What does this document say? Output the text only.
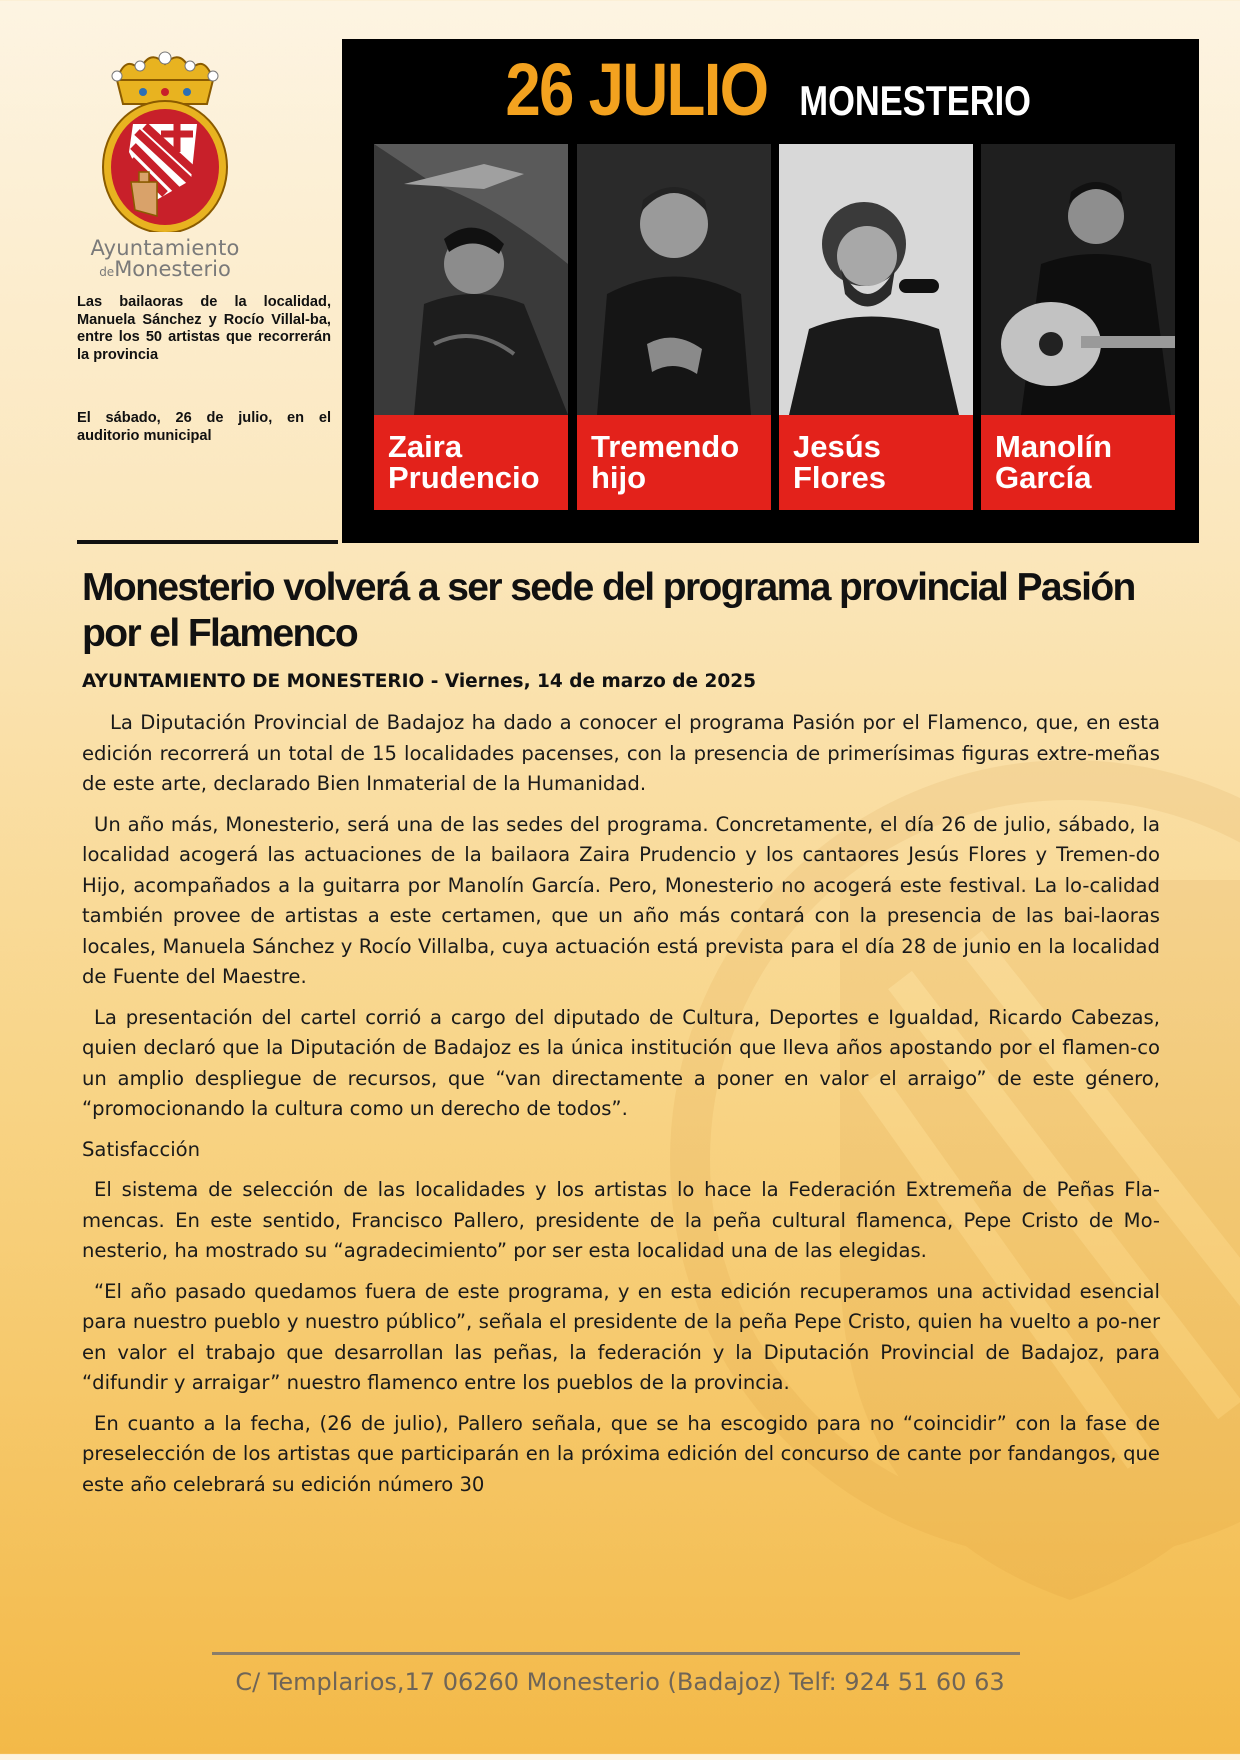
Ayuntamiento
deMonesterio
Las bailaoras de la localidad, Manuela Sánchez y Rocío Villal-ba, entre los 50 artistas que recorrerán la provincia
El sábado, 26 de julio, en el auditorio municipal
26 JULIO MONESTERIO
Zaira
Prudencio
Tremendo
hijo
Jesús
Flores
Manolín
García
Monesterio volverá a ser sede del programa provincial Pasión por el Flamenco
AYUNTAMIENTO DE MONESTERIO - Viernes, 14 de marzo de 2025

La Diputación Provincial de Badajoz ha dado a conocer el programa Pasión por el Flamenco, que, en esta edición recorrerá un total de 15 localidades pacenses, con la presencia de primerísimas figuras extre-meñas de este arte, declarado Bien Inmaterial de la Humanidad.

Un año más, Monesterio, será una de las sedes del programa. Concretamente, el día 26 de julio, sábado, la localidad acogerá las actuaciones de la bailaora Zaira Prudencio y los cantaores Jesús Flores y Tremen-do Hijo, acompañados a la guitarra por Manolín García. Pero, Monesterio no acogerá este festival. La lo-calidad también provee de artistas a este certamen, que un año más contará con la presencia de las bai-laoras locales, Manuela Sánchez y Rocío Villalba, cuya actuación está prevista para el día 28 de junio en la localidad de Fuente del Maestre.

La presentación del cartel corrió a cargo del diputado de Cultura, Deportes e Igualdad, Ricardo Cabezas, quien declaró que la Diputación de Badajoz es la única institución que lleva años apostando por el flamen-co un amplio despliegue de recursos, que “van directamente a poner en valor el arraigo” de este género, “promocionando la cultura como un derecho de todos”.

Satisfacción

El sistema de selección de las localidades y los artistas lo hace la Federación Extremeña de Peñas Fla-mencas. En este sentido, Francisco Pallero, presidente de la peña cultural flamenca, Pepe Cristo de Mo-nesterio, ha mostrado su “agradecimiento” por ser esta localidad una de las elegidas.

“El año pasado quedamos fuera de este programa, y en esta edición recuperamos una actividad esencial para nuestro pueblo y nuestro público”, señala el presidente de la peña Pepe Cristo, quien ha vuelto a po-ner en valor el trabajo que desarrollan las peñas, la federación y la Diputación Provincial de Badajoz, para “difundir y arraigar” nuestro flamenco entre los pueblos de la provincia.

En cuanto a la fecha, (26 de julio), Pallero señala, que se ha escogido para no “coincidir” con la fase de preselección de los artistas que participarán en la próxima edición del concurso de cante por fandangos, que este año celebrará su edición número 30

C/ Templarios,17 06260 Monesterio (Badajoz) Telf: 924 51 60 63
